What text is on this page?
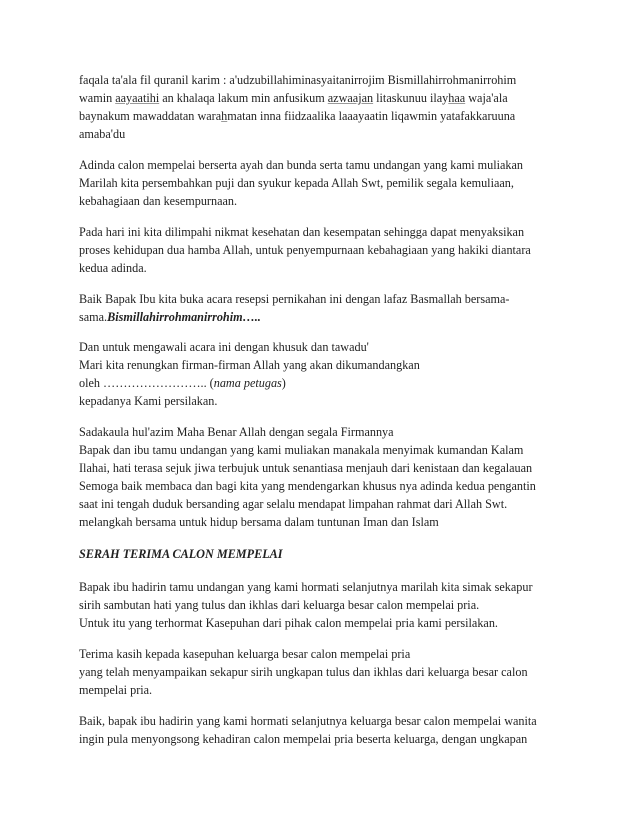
faqala ta'ala fil quranil karim : a'udzubillahiminasyaitanirrojim Bismillahirrohmanirrohim
wamin aayaatihi an khalaqa lakum min anfusikum azwaajan litaskunuu ilayhaa waja'ala
baynakum mawaddatan warahmatan inna fiidzaalika laaayaatin liqawmin yatafakkaruuna
amaba'du
Adinda calon mempelai berserta ayah dan bunda serta tamu undangan yang kami muliakan
Marilah kita persembahkan puji dan syukur kepada Allah Swt, pemilik segala kemuliaan,
kebahagiaan dan kesempurnaan.
Pada hari ini kita dilimpahi nikmat kesehatan dan kesempatan sehingga dapat menyaksikan
proses kehidupan dua hamba Allah, untuk penyempurnaan kebahagiaan yang hakiki diantara
kedua adinda.
Baik Bapak Ibu kita buka acara resepsi pernikahan ini dengan lafaz Basmallah bersama-
sama.Bismillahirrohmanirrohim…..
Dan untuk mengawali acara ini dengan khusuk dan tawadu'
Mari kita renungkan firman-firman Allah yang akan dikumandangkan
oleh …………………….. (nama petugas)
kepadanya Kami persilakan.
Sadakaula hul'azim Maha Benar Allah dengan segala Firmannya
Bapak dan ibu tamu undangan yang kami muliakan manakala menyimak kumandan Kalam
Ilahai, hati terasa sejuk jiwa terbujuk untuk senantiasa menjauh dari kenistaan dan kegalauan
Semoga baik membaca dan bagi kita yang mendengarkan khusus nya adinda kedua pengantin
saat ini tengah duduk bersanding agar selalu mendapat limpahan rahmat dari Allah Swt.
melangkah bersama untuk hidup bersama dalam tuntunan Iman dan Islam
SERAH TERIMA CALON MEMPELAI
Bapak ibu hadirin tamu undangan yang kami hormati selanjutnya marilah kita simak sekapur
sirih sambutan hati yang tulus dan ikhlas dari keluarga besar calon mempelai pria.
Untuk itu yang terhormat Kasepuhan dari pihak calon mempelai pria kami persilakan.
Terima kasih kepada kasepuhan keluarga besar calon mempelai pria
yang telah menyampaikan sekapur sirih ungkapan tulus dan ikhlas dari keluarga besar calon
mempelai pria.
Baik, bapak ibu hadirin yang kami hormati selanjutnya keluarga besar calon mempelai wanita
ingin pula menyongsong kehadiran calon mempelai pria beserta keluarga, dengan ungkapan
